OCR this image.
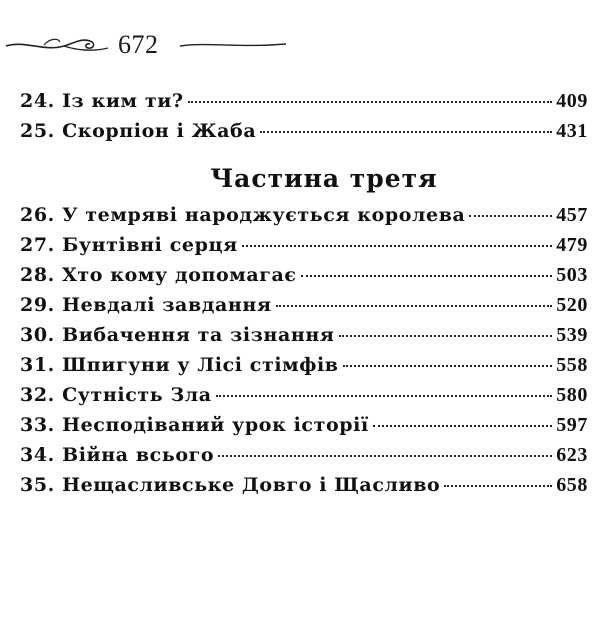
672
24. Із ким ти?	409
25. Скорпіон і Жаба	431
Частина третя
26. У темряві народжується королева	457
27. Бунтівні серця	479
28. Хто кому допомагає	503
29. Невдалі завдання	520
30. Вибачення та зізнання	539
31. Шпигуни у Лісі стімфів	558
32. Сутність Зла	580
33. Несподіваний урок історії	597
34. Війна всього	623
35. Нещасливське Довго і Щасливо	658
